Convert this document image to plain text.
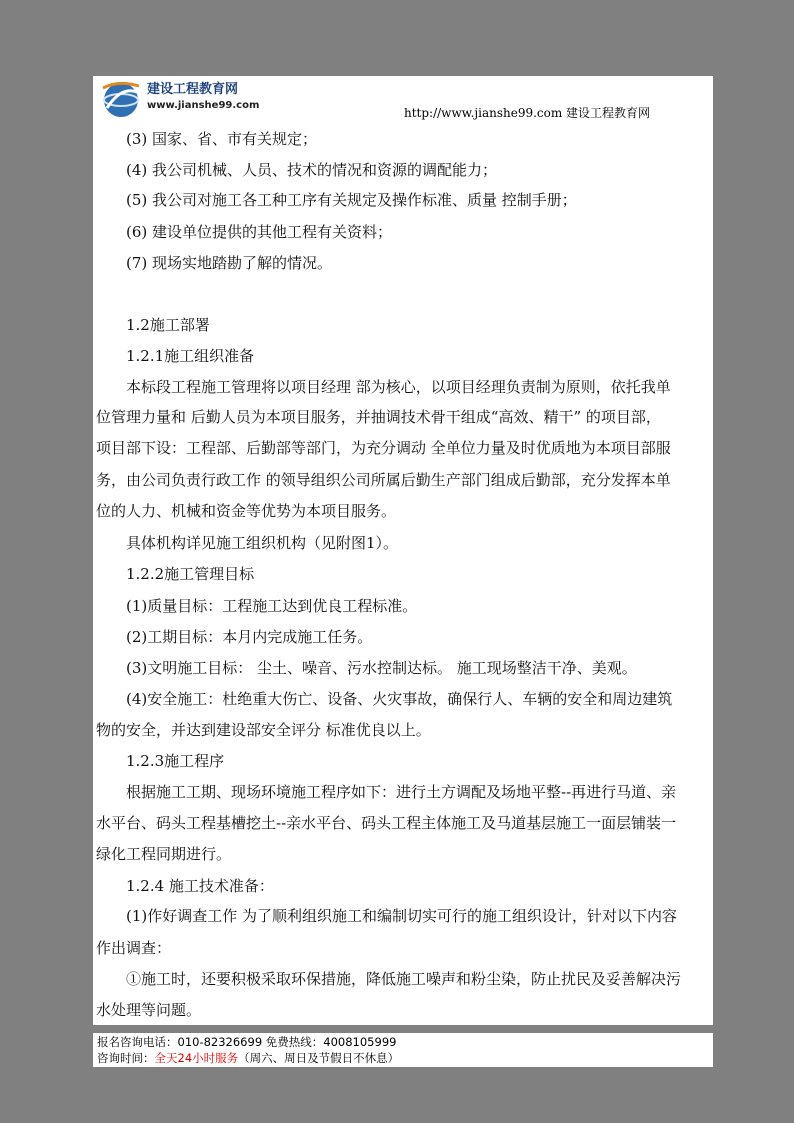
建设工程教育网
www.jianshe99.com
http://www.jianshe99.com 建设工程教育网
(3) 国家、省、市有关规定；
(4) 我公司机械、人员、技术的情况和资源的调配能力；
(5) 我公司对施工各工种工序有关规定及操作标准、质量 控制手册；
(6) 建设单位提供的其他工程有关资料；
(7) 现场实地踏勘了解的情况。
1.2施工部署
1.2.1施工组织准备
本标段工程施工管理将以项目经理 部为核心，以项目经理负责制为原则，依托我单
位管理力量和 后勤人员为本项目服务，并抽调技术骨干组成“高效、精干” 的项目部，
项目部下设：工程部、后勤部等部门，为充分调动 全单位力量及时优质地为本项目部服
务，由公司负责行政工作 的领导组织公司所属后勤生产部门组成后勤部，充分发挥本单
位的人力、机械和资金等优势为本项目服务。
具体机构详见施工组织机构（见附图1）。
1.2.2施工管理目标
(1)质量目标：工程施工达到优良工程标准。
(2)工期目标：本月内完成施工任务。
(3)文明施工目标： 尘土、噪音、污水控制达标。 施工现场整洁干净、美观。
(4)安全施工：杜绝重大伤亡、设备、火灾事故，确保行人、车辆的安全和周边建筑
物的安全，并达到建设部安全评分 标准优良以上。
1.2.3施工程序
根据施工工期、现场环境施工程序如下：进行土方调配及场地平整--再进行马道、亲
水平台、码头工程基槽挖土--亲水平台、码头工程主体施工及马道基层施工一面层铺装一
绿化工程同期进行。
1.2.4 施工技术准备：
(1)作好调查工作 为了顺利组织施工和编制切实可行的施工组织设计，针对以下内容
作出调查：
①施工时，还要积极采取环保措施，降低施工噪声和粉尘染，防止扰民及妥善解决污
水处理等问题。
报名咨询电话：010-82326699 免费热线：4008105999
咨询时间：全天24小时服务（周六、周日及节假日不休息）
